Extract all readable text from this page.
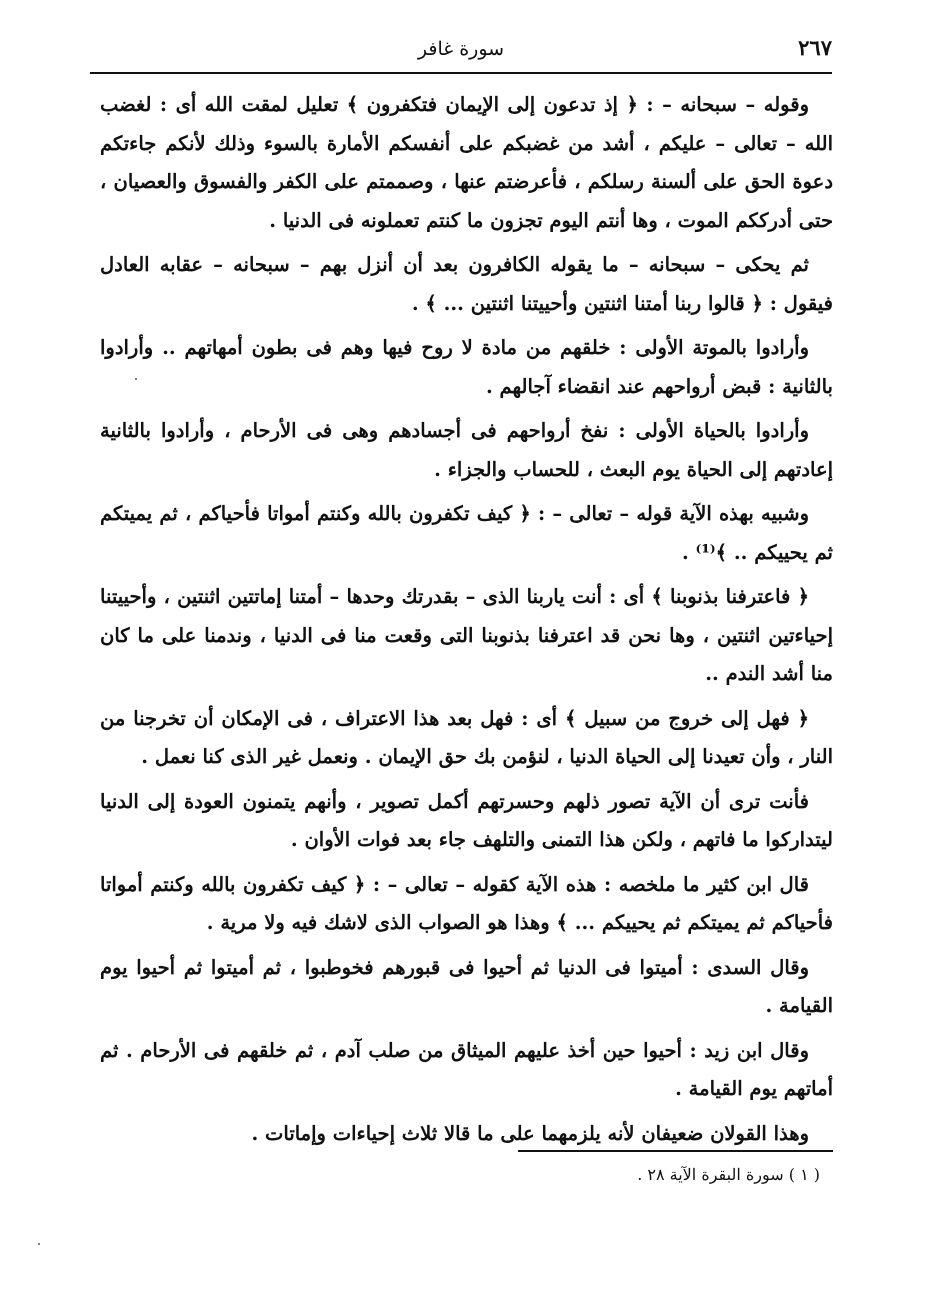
٢٦٧
سورة غافر

وقوله – سبحانه – : ﴿ إذ تدعون إلى الإيمان فتكفرون ﴾ تعليل لمقت الله أى : لغضب الله – تعالى – عليكم ، أشد من غضبكم على أنفسكم الأمارة بالسوء وذلك لأنكم جاءتكم دعوة الحق على ألسنة رسلكم ، فأعرضتم عنها ، وصممتم على الكفر والفسوق والعصيان ، حتى أدرككم الموت ، وها أنتم اليوم تجزون ما كنتم تعملونه فى الدنيا .

ثم يحكى – سبحانه – ما يقوله الكافرون بعد أن أنزل بهم – سبحانه – عقابه العادل فيقول : ﴿ قالوا ربنا أمتنا اثنتين وأحييتنا اثنتين ... ﴾ .

وأرادوا بالموتة الأولى : خلقهم من مادة لا روح فيها وهم فى بطون أمهاتهم .. وأرادوا بالثانية : قبض أرواحهم عند انقضاء آجالهم .

وأرادوا بالحياة الأولى : نفخ أرواحهم فى أجسادهم وهى فى الأرحام ، وأرادوا بالثانية إعادتهم إلى الحياة يوم البعث ، للحساب والجزاء .

وشبيه بهذه الآية قوله – تعالى – : ﴿ كيف تكفرون بالله وكنتم أمواتا فأحياكم ، ثم يميتكم ثم يحييكم .. ﴾⁽¹⁾ .

﴿ فاعترفنا بذنوبنا ﴾ أى : أنت ياربنا الذى – بقدرتك وحدها – أمتنا إماتتين اثنتين ، وأحييتنا إحياءتين اثنتين ، وها نحن قد اعترفنا بذنوبنا التى وقعت منا فى الدنيا ، وندمنا على ما كان منا أشد الندم ..

﴿ فهل إلى خروج من سبيل ﴾ أى : فهل بعد هذا الاعتراف ، فى الإمكان أن تخرجنا من النار ، وأن تعيدنا إلى الحياة الدنيا ، لنؤمن بك حق الإيمان . ونعمل غير الذى كنا نعمل .

فأنت ترى أن الآية تصور ذلهم وحسرتهم أكمل تصوير ، وأنهم يتمنون العودة إلى الدنيا ليتداركوا ما فاتهم ، ولكن هذا التمنى والتلهف جاء بعد فوات الأوان .

قال ابن كثير ما ملخصه : هذه الآية كقوله – تعالى – : ﴿ كيف تكفرون بالله وكنتم أمواتا فأحياكم ثم يميتكم ثم يحييكم ... ﴾ وهذا هو الصواب الذى لاشك فيه ولا مرية .

وقال السدى : أميتوا فى الدنيا ثم أحيوا فى قبورهم فخوطبوا ، ثم أميتوا ثم أحيوا يوم القيامة .

وقال ابن زيد : أحيوا حين أخذ عليهم الميثاق من صلب آدم ، ثم خلقهم فى الأرحام . ثم أماتهم يوم القيامة .

وهذا القولان ضعيفان لأنه يلزمهما على ما قالا ثلاث إحياءات وإماتات .

( ١ ) سورة البقرة الآية ٢٨ .
